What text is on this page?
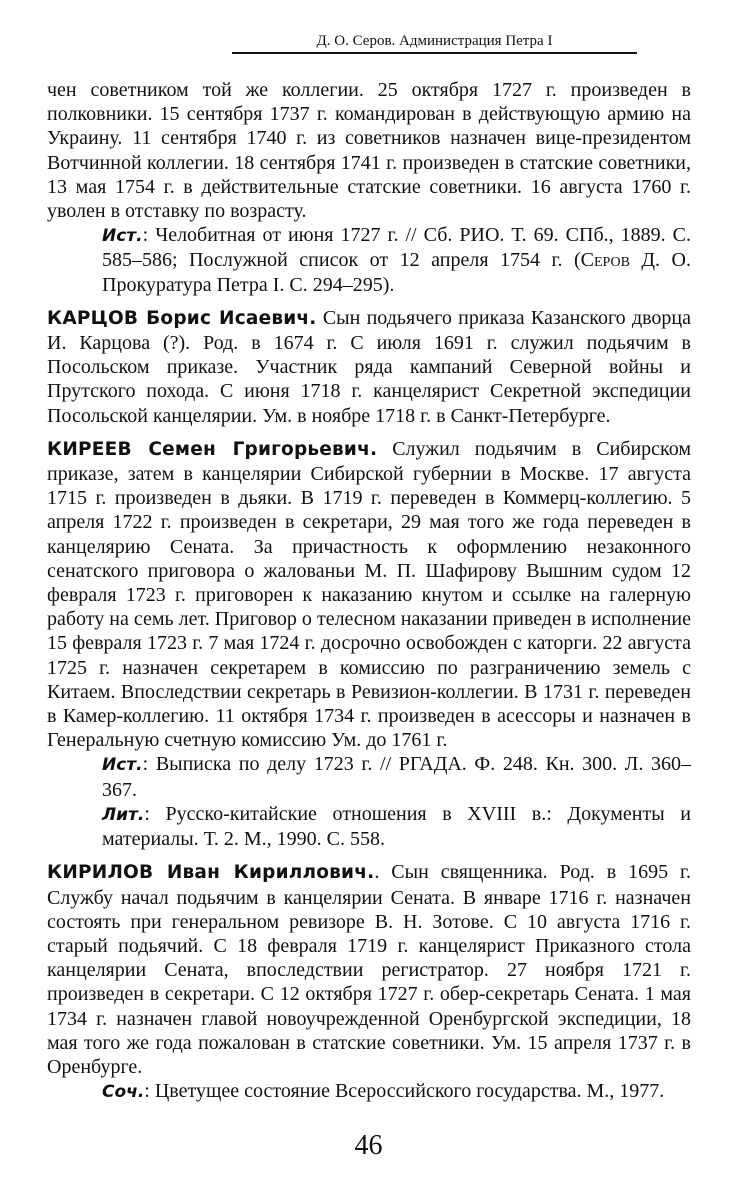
Д. О. Серов. Администрация Петра I

чен советником той же коллегии. 25 октября 1727 г. произведен в полковники. 15 сентября 1737 г. командирован в действующую армию на Украину. 11 сентября 1740 г. из советников назначен вице-президентом Вотчинной коллегии. 18 сентября 1741 г. произведен в статские советники, 13 мая 1754 г. в действительные статские советники. 16 августа 1760 г. уволен в отставку по возрасту.

Ист.: Челобитная от июня 1727 г. // Сб. РИО. Т. 69. СПб., 1889. С. 585–586; Послужной список от 12 апреля 1754 г. (Серов Д. О. Прокуратура Петра I. С. 294–295).

КАРЦОВ Борис Исаевич. Сын подьячего приказа Казанского дворца И. Карцова (?). Род. в 1674 г. С июля 1691 г. служил подьячим в Посольском приказе. Участник ряда кампаний Северной войны и Прутского похода. С июня 1718 г. канцелярист Секретной экспедиции Посольской канцелярии. Ум. в ноябре 1718 г. в Санкт-Петербурге.

КИРЕЕВ Семен Григорьевич. Служил подьячим в Сибирском приказе, затем в канцелярии Сибирской губернии в Москве. 17 августа 1715 г. произведен в дьяки. В 1719 г. переведен в Коммерц-коллегию. 5 апреля 1722 г. произведен в секретари, 29 мая того же года переведен в канцелярию Сената. За причастность к оформлению незаконного сенатского приговора о жалованьи М. П. Шафирову Вышним судом 12 февраля 1723 г. приговорен к наказанию кнутом и ссылке на галерную работу на семь лет. Приговор о телесном наказании приведен в исполнение 15 февраля 1723 г. 7 мая 1724 г. досрочно освобожден с каторги. 22 августа 1725 г. назначен секретарем в комиссию по разграничению земель с Китаем. Впоследствии секретарь в Ревизион-коллегии. В 1731 г. переведен в Камер-коллегию. 11 октября 1734 г. произведен в асессоры и назначен в Генеральную счетную комиссию Ум. до 1761 г.

Ист.: Выписка по делу 1723 г. // РГАДА. Ф. 248. Кн. 300. Л. 360–367.

Лит.: Русско-китайские отношения в XVIII в.: Документы и материалы. Т. 2. М., 1990. С. 558.

КИРИЛОВ Иван Кириллович.. Сын священника. Род. в 1695 г. Службу начал подьячим в канцелярии Сената. В январе 1716 г. назначен состоять при генеральном ревизоре В. Н. Зотове. С 10 августа 1716 г. старый подьячий. С 18 февраля 1719 г. канцелярист Приказного стола канцелярии Сената, впоследствии регистратор. 27 ноября 1721 г. произведен в секретари. С 12 октября 1727 г. обер-секретарь Сената. 1 мая 1734 г. назначен главой новоучрежденной Оренбургской экспедиции, 18 мая того же года пожалован в статские советники. Ум. 15 апреля 1737 г. в Оренбурге.

Соч.: Цветущее состояние Всероссийского государства. М., 1977.

46
